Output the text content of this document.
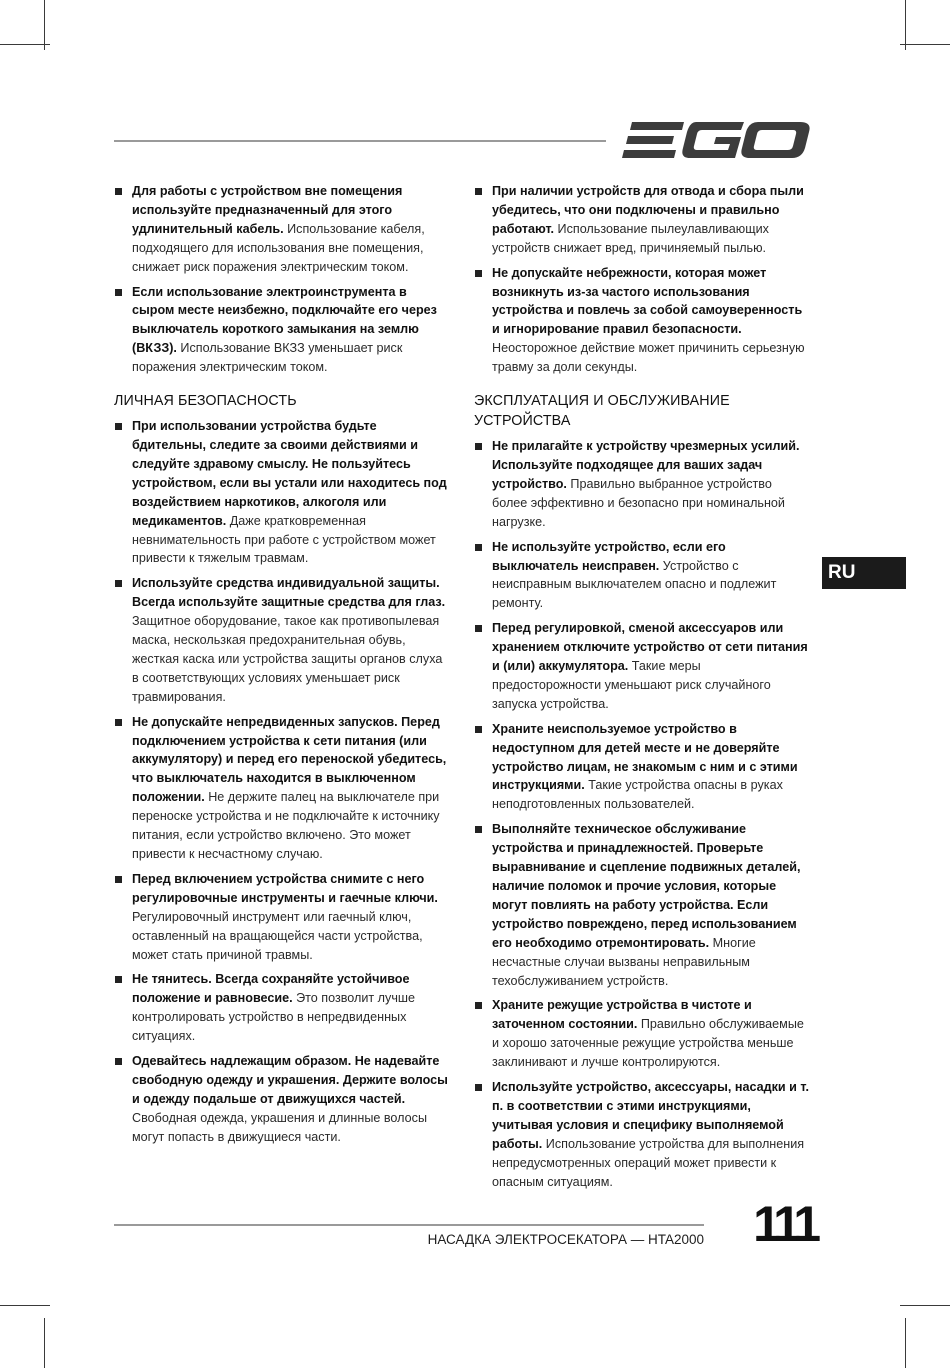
Для работы с устройством вне помещения используйте предназначенный для этого удлинительный кабель. Использование кабеля, подходящего для использования вне помещения, снижает риск поражения электрическим током.
Если использование электроинструмента в сыром месте неизбежно, подключайте его через выключатель короткого замыкания на землю (ВКЗЗ). Использование ВКЗЗ уменьшает риск поражения электрическим током.
ЛИЧНАЯ БЕЗОПАСНОСТЬ
При использовании устройства будьте бдительны, следите за своими действиями и следуйте здравому смыслу. Не пользуйтесь устройством, если вы устали или находитесь под воздействием наркотиков, алкоголя или медикаментов. Даже кратковременная невнимательность при работе с устройством может привести к тяжелым травмам.
Используйте средства индивидуальной защиты. Всегда используйте защитные средства для глаз. Защитное оборудование, такое как противопылевая маска, нескользкая предохранительная обувь, жесткая каска или устройства защиты органов слуха в соответствующих условиях уменьшает риск травмирования.
Не допускайте непредвиденных запусков. Перед подключением устройства к сети питания (или аккумулятору) и перед его переноской убедитесь, что выключатель находится в выключенном положении. Не держите палец на выключателе при переноске устройства и не подключайте к источнику питания, если устройство включено. Это может привести к несчастному случаю.
Перед включением устройства снимите с него регулировочные инструменты и гаечные ключи. Регулировочный инструмент или гаечный ключ, оставленный на вращающейся части устройства, может стать причиной травмы.
Не тянитесь. Всегда сохраняйте устойчивое положение и равновесие. Это позволит лучше контролировать устройство в непредвиденных ситуациях.
Одевайтесь надлежащим образом. Не надевайте свободную одежду и украшения. Держите волосы и одежду подальше от движущихся частей. Свободная одежда, украшения и длинные волосы могут попасть в движущиеся части.
При наличии устройств для отвода и сбора пыли убедитесь, что они подключены и правильно работают. Использование пылеулавливающих устройств снижает вред, причиняемый пылью.
Не допускайте небрежности, которая может возникнуть из-за частого использования устройства и повлечь за собой самоуверенность и игнорирование правил безопасности. Неосторожное действие может причинить серьезную травму за доли секунды.
ЭКСПЛУАТАЦИЯ И ОБСЛУЖИВАНИЕ УСТРОЙСТВА
Не прилагайте к устройству чрезмерных усилий. Используйте подходящее для ваших задач устройство. Правильно выбранное устройство более эффективно и безопасно при номинальной нагрузке.
Не используйте устройство, если его выключатель неисправен. Устройство с неисправным выключателем опасно и подлежит ремонту.
Перед регулировкой, сменой аксессуаров или хранением отключите устройство от сети питания и (или) аккумулятора. Такие меры предосторожности уменьшают риск случайного запуска устройства.
Храните неиспользуемое устройство в недоступном для детей месте и не доверяйте устройство лицам, не знакомым с ним и с этими инструкциями. Такие устройства опасны в руках неподготовленных пользователей.
Выполняйте техническое обслуживание устройства и принадлежностей. Проверьте выравнивание и сцепление подвижных деталей, наличие поломок и прочие условия, которые могут повлиять на работу устройства. Если устройство повреждено, перед использованием его необходимо отремонтировать. Многие несчастные случаи вызваны неправильным техобслуживанием устройств.
Храните режущие устройства в чистоте и заточенном состоянии. Правильно обслуживаемые и хорошо заточенные режущие устройства меньше заклинивают и лучше контролируются.
Используйте устройство, аксессуары, насадки и т. п. в соответствии с этими инструкциями, учитывая условия и специфику выполняемой работы. Использование устройства для выполнения непредусмотренных операций может привести к опасным ситуациям.
RU
НАСАДКА ЭЛЕКТРОСЕКАТОРА — HTA2000 111
